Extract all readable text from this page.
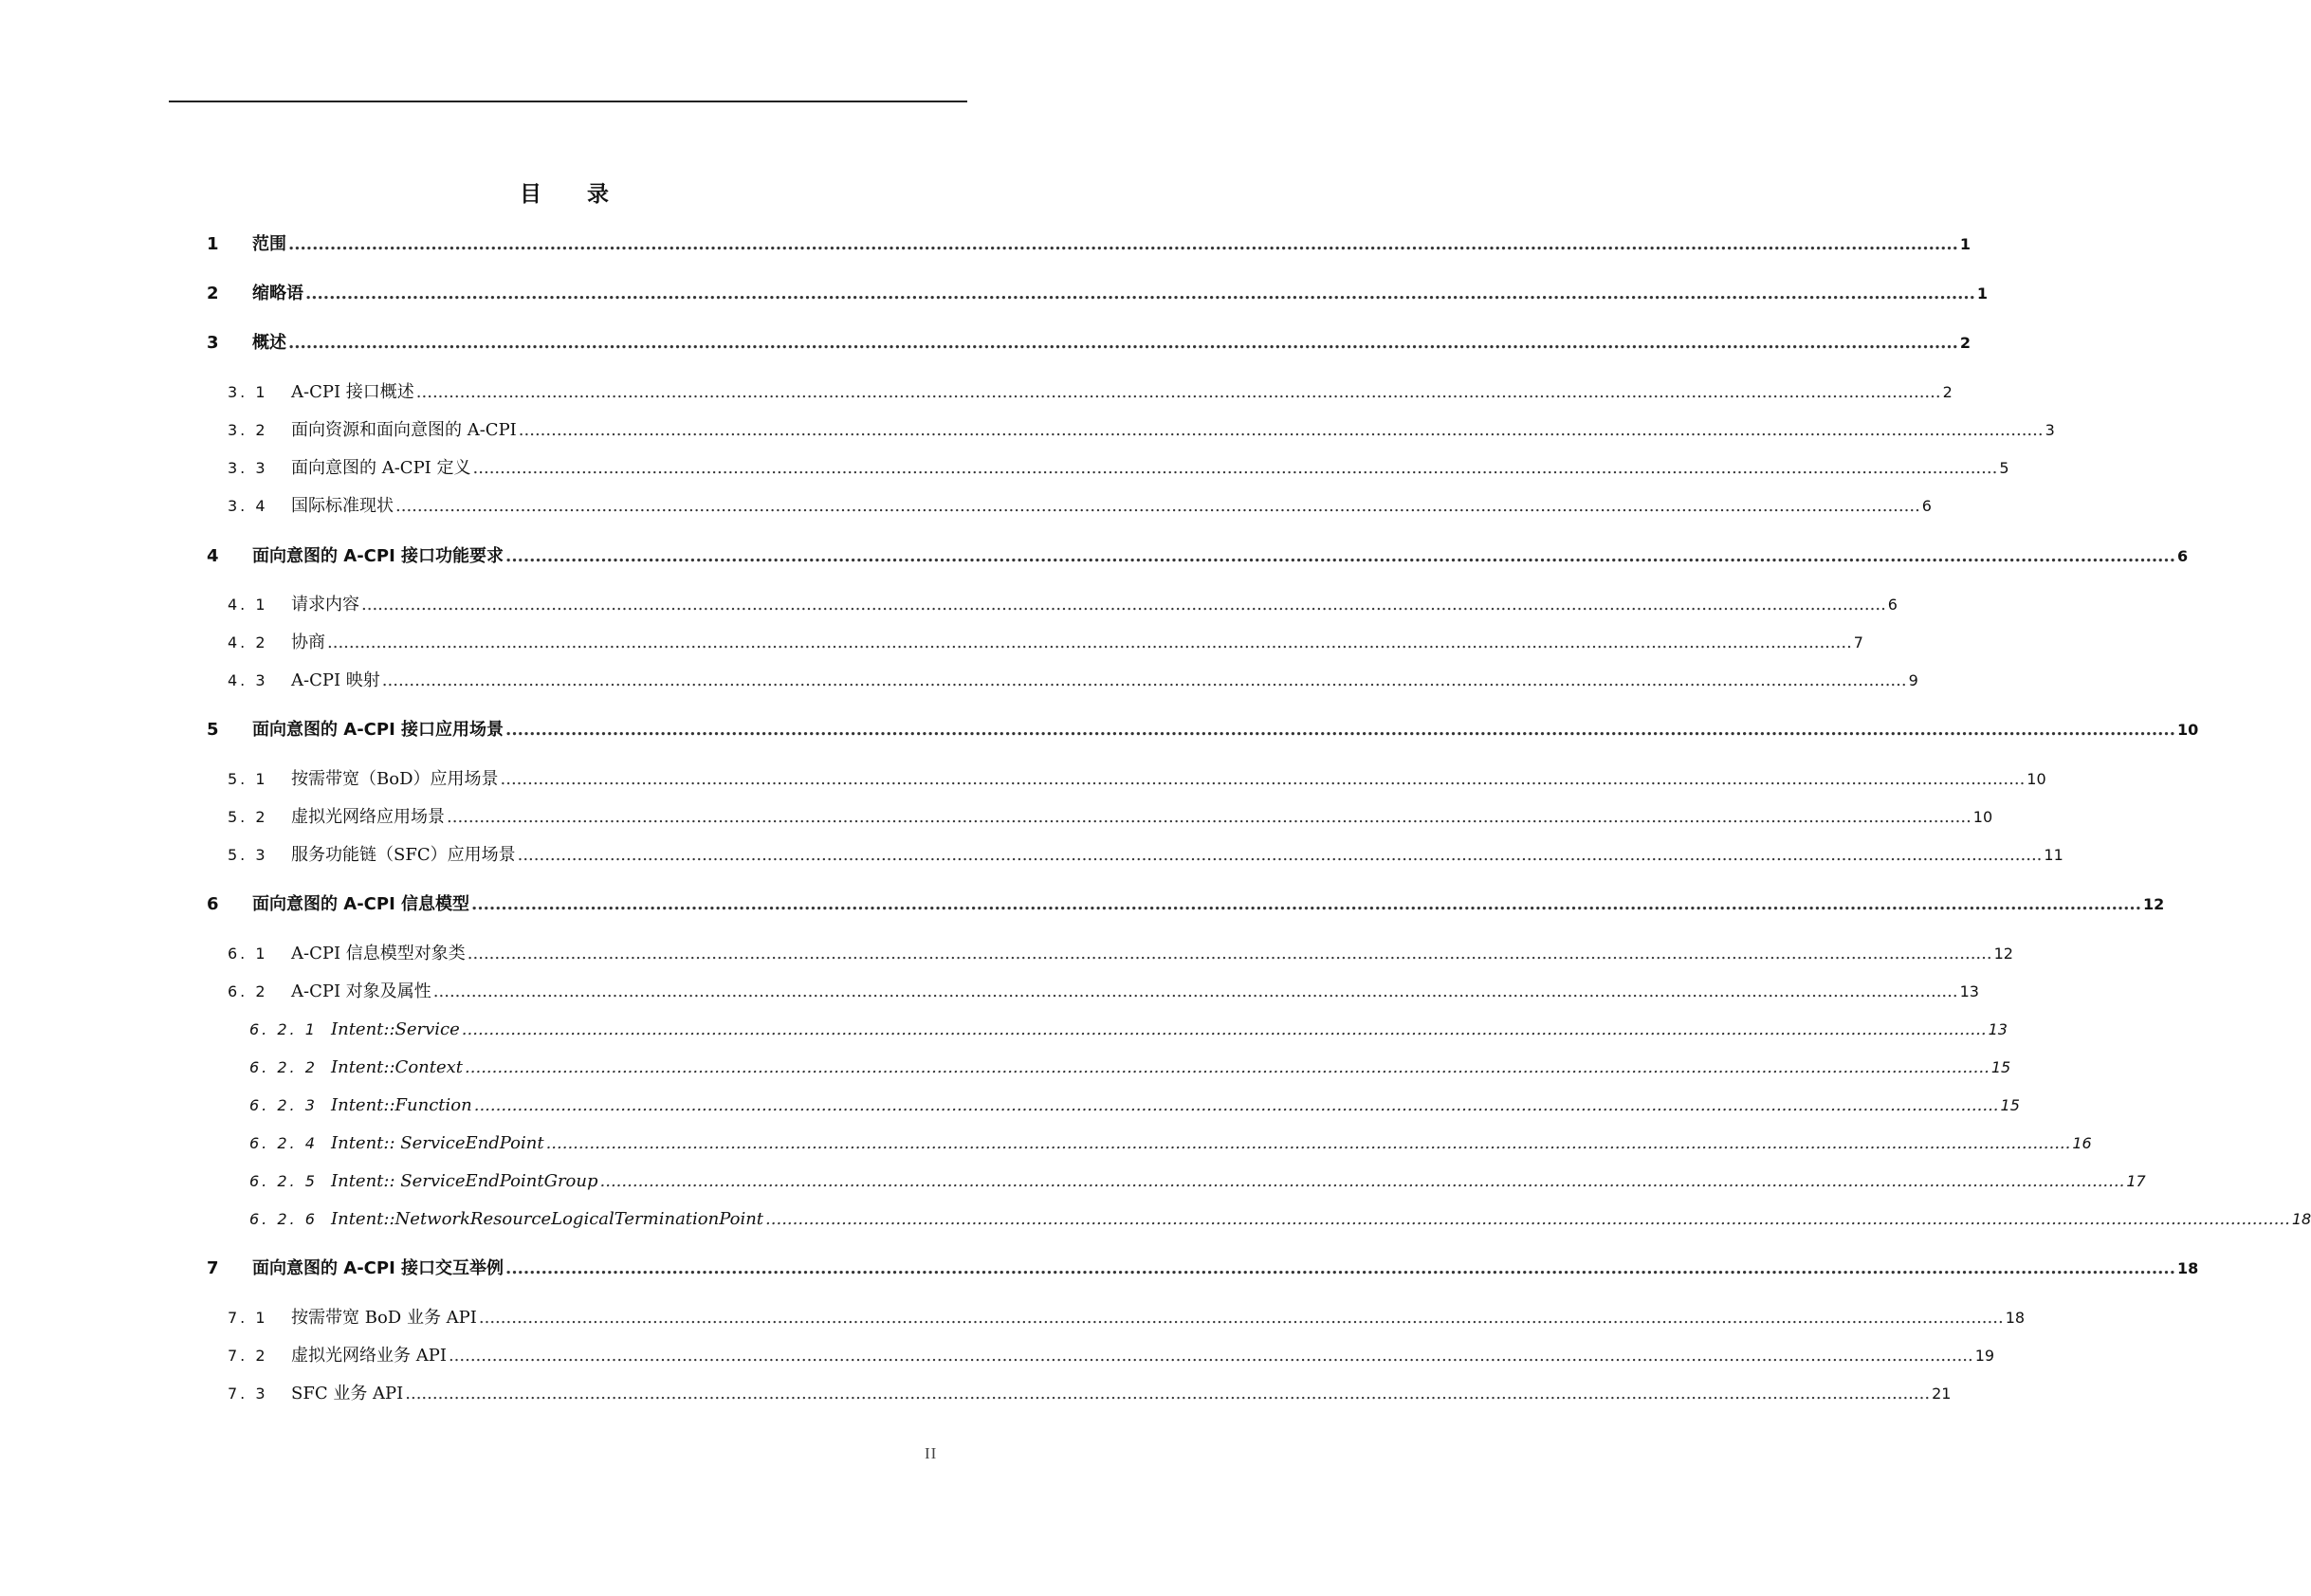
目 录
1	范围 ......................................................................................................................................................................................................................................................................................... 1
2	缩略语 ......................................................................................................................................................................................................................................................................................... 1
3	概述 ......................................................................................................................................................................................................................................................................................... 2
3. 1	A-CPI 接口概述 ......................................................................................................................................................................................................................................................................................... 2
3. 2	面向资源和面向意图的 A-CPI ......................................................................................................................................................................................................................................................................................... 3
3. 3	面向意图的 A-CPI 定义 ......................................................................................................................................................................................................................................................................................... 5
3. 4	国际标准现状 ......................................................................................................................................................................................................................................................................................... 6
4	面向意图的 A-CPI 接口功能要求 ......................................................................................................................................................................................................................................................................................... 6
4. 1	请求内容 ......................................................................................................................................................................................................................................................................................... 6
4. 2	协商 ......................................................................................................................................................................................................................................................................................... 7
4. 3	A-CPI 映射 ......................................................................................................................................................................................................................................................................................... 9
5	面向意图的 A-CPI 接口应用场景 ......................................................................................................................................................................................................................................................................................... 10
5. 1	按需带宽（BoD）应用场景 ......................................................................................................................................................................................................................................................................................... 10
5. 2	虚拟光网络应用场景 ......................................................................................................................................................................................................................................................................................... 10
5. 3	服务功能链（SFC）应用场景 ......................................................................................................................................................................................................................................................................................... 11
6	面向意图的 A-CPI 信息模型 ......................................................................................................................................................................................................................................................................................... 12
6. 1	A-CPI 信息模型对象类 ......................................................................................................................................................................................................................................................................................... 12
6. 2	A-CPI 对象及属性 ......................................................................................................................................................................................................................................................................................... 13
6. 2. 1 Intent::Service ......................................................................................................................................................................................................................................................................................... 13
6. 2. 2 Intent::Context ......................................................................................................................................................................................................................................................................................... 15
6. 2. 3 Intent::Function ......................................................................................................................................................................................................................................................................................... 15
6. 2. 4 Intent:: ServiceEndPoint ......................................................................................................................................................................................................................................................................................... 16
6. 2. 5 Intent:: ServiceEndPointGroup ......................................................................................................................................................................................................................................................................................... 17
6. 2. 6 Intent::NetworkResourceLogicalTerminationPoint ......................................................................................................................................................................................................................................................................................... 18
7	面向意图的 A-CPI 接口交互举例 ......................................................................................................................................................................................................................................................................................... 18
7. 1	按需带宽 BoD 业务 API ......................................................................................................................................................................................................................................................................................... 18
7. 2	虚拟光网络业务 API ......................................................................................................................................................................................................................................................................................... 19
7. 3	SFC 业务 API ......................................................................................................................................................................................................................................................................................... 21
II
